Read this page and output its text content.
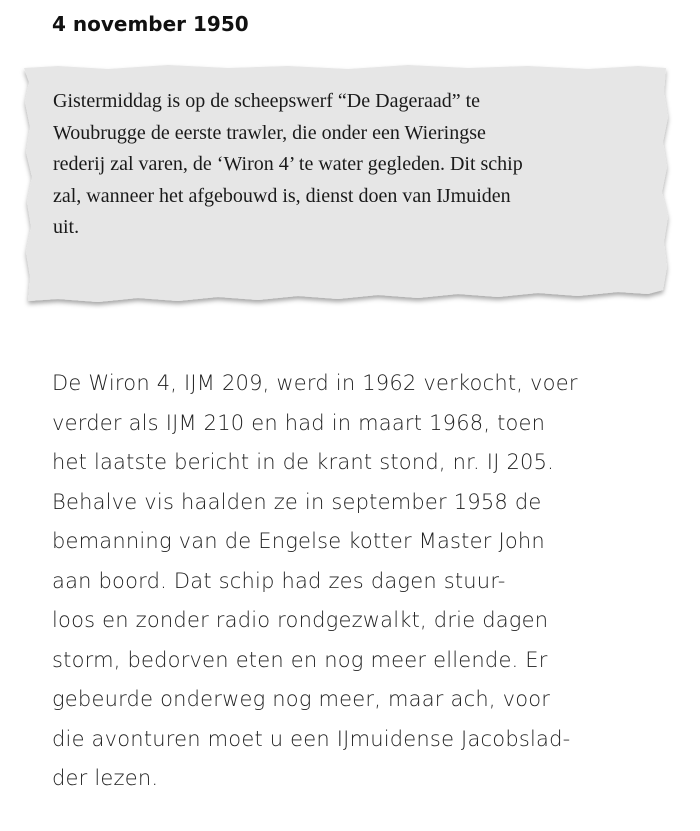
4 november 1950
Gistermiddag is op de scheepswerf “De Dageraad” te
Woubrugge de eerste trawler, die onder een Wieringse
rederij zal varen, de ‘Wiron 4’ te water gegleden. Dit schip
zal, wanneer het afgebouwd is, dienst doen van IJmuiden
uit.
De Wiron 4, IJM 209, werd in 1962 verkocht, voer
verder als IJM 210 en had in maart 1968, toen
het laatste bericht in de krant stond, nr. IJ 205.
Behalve vis haalden ze in september 1958 de
bemanning van de Engelse kotter Master John
aan boord. Dat schip had zes dagen stuur-
loos en zonder radio rondgezwalkt, drie dagen
storm, bedorven eten en nog meer ellende. Er
gebeurde onderweg nog meer, maar ach, voor
die avonturen moet u een IJmuidense Jacobslad-
der lezen.
